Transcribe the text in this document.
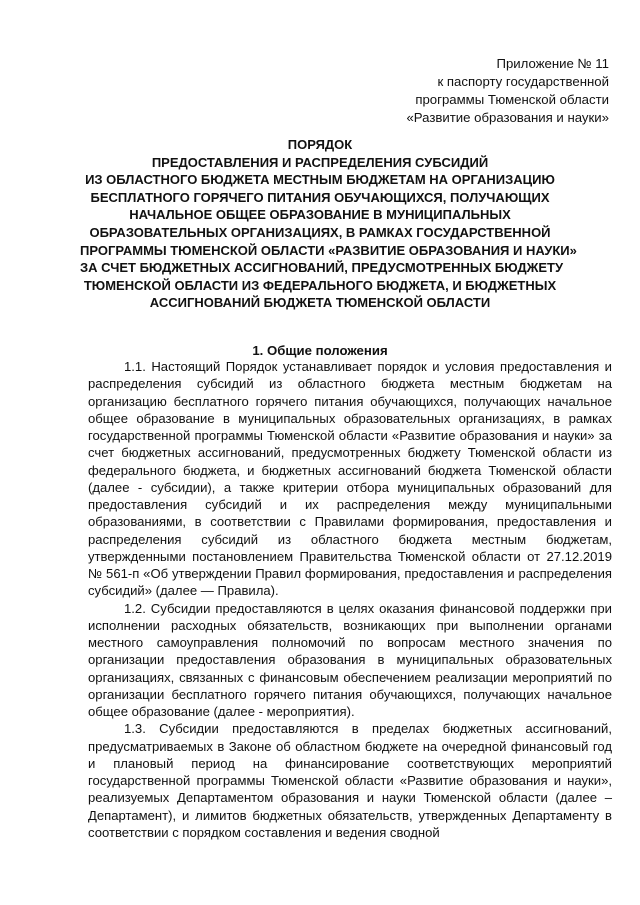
Приложение № 11
к паспорту государственной
программы Тюменской области
«Развитие образования и науки»
ПОРЯДОК
ПРЕДОСТАВЛЕНИЯ И РАСПРЕДЕЛЕНИЯ СУБСИДИЙ
ИЗ ОБЛАСТНОГО БЮДЖЕТА МЕСТНЫМ БЮДЖЕТАМ НА ОРГАНИЗАЦИЮ
БЕСПЛАТНОГО ГОРЯЧЕГО ПИТАНИЯ ОБУЧАЮЩИХСЯ, ПОЛУЧАЮЩИХ
НАЧАЛЬНОЕ ОБЩЕЕ ОБРАЗОВАНИЕ В МУНИЦИПАЛЬНЫХ
ОБРАЗОВАТЕЛЬНЫХ ОРГАНИЗАЦИЯХ, В РАМКАХ ГОСУДАРСТВЕННОЙ
ПРОГРАММЫ ТЮМЕНСКОЙ ОБЛАСТИ «РАЗВИТИЕ ОБРАЗОВАНИЯ И НАУКИ»
ЗА СЧЕТ БЮДЖЕТНЫХ АССИГНОВАНИЙ, ПРЕДУСМОТРЕННЫХ БЮДЖЕТУ
ТЮМЕНСКОЙ ОБЛАСТИ ИЗ ФЕДЕРАЛЬНОГО БЮДЖЕТА, И БЮДЖЕТНЫХ
АССИГНОВАНИЙ БЮДЖЕТА ТЮМЕНСКОЙ ОБЛАСТИ
1. Общие положения

1.1. Настоящий Порядок устанавливает порядок и условия предоставления и распределения субсидий из областного бюджета местным бюджетам на организацию бесплатного горячего питания обучающихся, получающих начальное общее образование в муниципальных образовательных организациях, в рамках государственной программы Тюменской области «Развитие образования и науки» за счет бюджетных ассигнований, предусмотренных бюджету Тюменской области из федерального бюджета, и бюджетных ассигнований бюджета Тюменской области (далее - субсидии), а также критерии отбора муниципальных образований для предоставления субсидий и их распределения между муниципальными образованиями, в соответствии с Правилами формирования, предоставления и распределения субсидий из областного бюджета местным бюджетам, утвержденными постановлением Правительства Тюменской области от 27.12.2019 № 561-п «Об утверждении Правил формирования, предоставления и распределения субсидий» (далее — Правила).

1.2. Субсидии предоставляются в целях оказания финансовой поддержки при исполнении расходных обязательств, возникающих при выполнении органами местного самоуправления полномочий по вопросам местного значения по организации предоставления образования в муниципальных образовательных организациях, связанных с финансовым обеспечением реализации мероприятий по организации бесплатного горячего питания обучающихся, получающих начальное общее образование (далее - мероприятия).

1.3. Субсидии предоставляются в пределах бюджетных ассигнований, предусматриваемых в Законе об областном бюджете на очередной финансовый год и плановый период на финансирование соответствующих мероприятий государственной программы Тюменской области «Развитие образования и науки», реализуемых Департаментом образования и науки Тюменской области (далее – Департамент), и лимитов бюджетных обязательств, утвержденных Департаменту в соответствии с порядком составления и ведения сводной
